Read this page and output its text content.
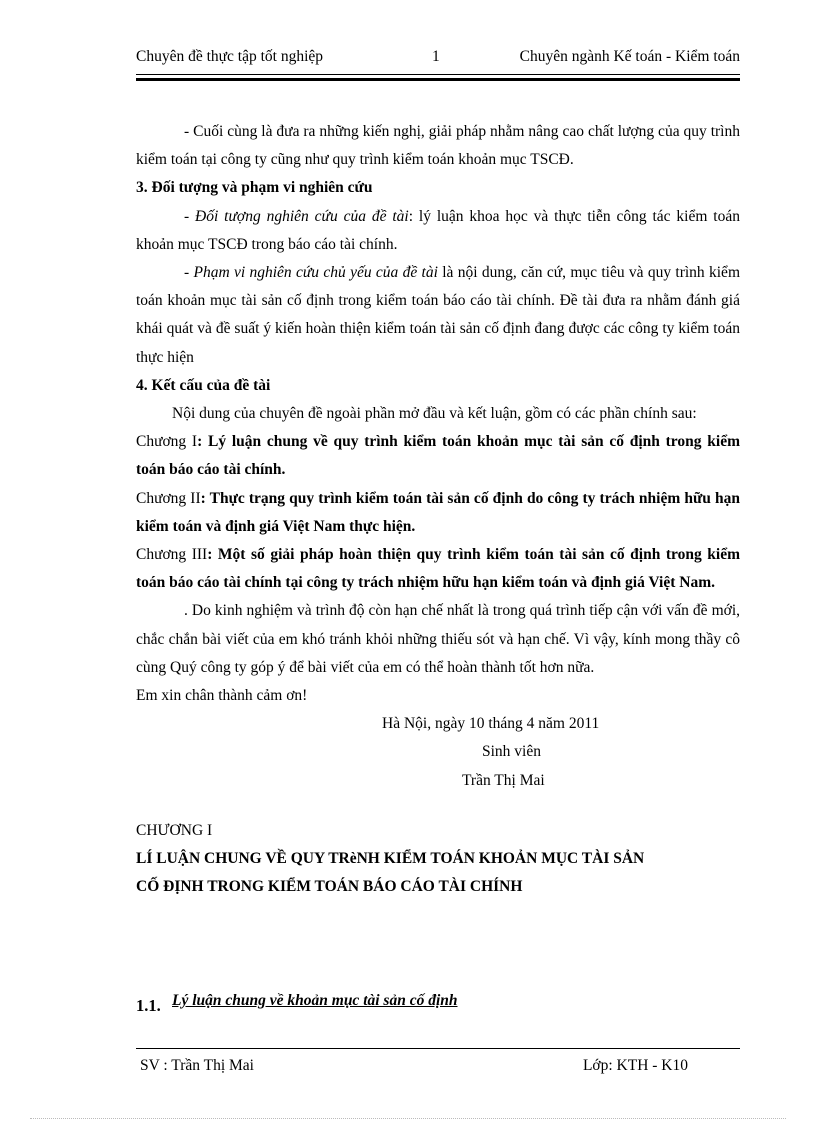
Chuyên đề thực tập tốt nghiệp	1	Chuyên ngành Kế toán - Kiểm toán

- Cuối cùng là đưa ra những kiến nghị, giải pháp nhằm nâng cao chất lượng của quy trình kiểm toán tại công ty cũng như quy trình kiểm toán khoản mục TSCĐ.

3. Đối tượng và phạm vi nghiên cứu

- Đối tượng nghiên cứu của đề tài: lý luận khoa học và thực tiễn công tác kiểm toán khoản mục TSCĐ trong báo cáo tài chính.

- Phạm vi nghiên cứu chủ yếu của đề tài là nội dung, căn cứ, mục tiêu và quy trình kiểm toán khoản mục tài sản cố định trong kiểm toán báo cáo tài chính. Đề tài đưa ra nhằm đánh giá khái quát và đề suất ý kiến hoàn thiện kiểm toán tài sản cố định đang được các công ty kiểm toán thực hiện

4. Kết cấu của đề tài

Nội dung của chuyên đề ngoài phần mở đầu và kết luận, gồm có các phần chính sau:

Chương I: Lý luận chung về quy trình kiểm toán khoản mục tài sản cố định trong kiểm toán báo cáo tài chính.

Chương II: Thực trạng quy trình kiểm toán tài sản cố định do công ty trách nhiệm hữu hạn kiểm toán và định giá Việt Nam thực hiện.

Chương III: Một số giải pháp hoàn thiện quy trình kiểm toán tài sản cố định trong kiểm toán báo cáo tài chính tại công ty trách nhiệm hữu hạn kiểm toán và định giá Việt Nam.

. Do kinh nghiệm và trình độ còn hạn chế nhất là trong quá trình tiếp cận với vấn đề mới, chắc chắn bài viết của em khó tránh khỏi những thiếu sót và hạn chế. Vì vậy, kính mong thầy cô cùng Quý công ty góp ý để bài viết của em có thể hoàn thành tốt hơn nữa.

Em xin chân thành cảm ơn!

Hà Nội, ngày 10 tháng 4 năm 2011

Sinh viên

Trần Thị Mai

CHƯƠNG I

LÍ LUẬN CHUNG VỀ QUY TRèNH KIỂM TOÁN KHOẢN MỤC TÀI SẢN

CỐ ĐỊNH TRONG KIỂM TOÁN BÁO CÁO TÀI CHÍNH

1.1. Lý luận chung về khoản mục tài sản cố định
SV : Trần Thị Mai	Lớp: KTH - K10
